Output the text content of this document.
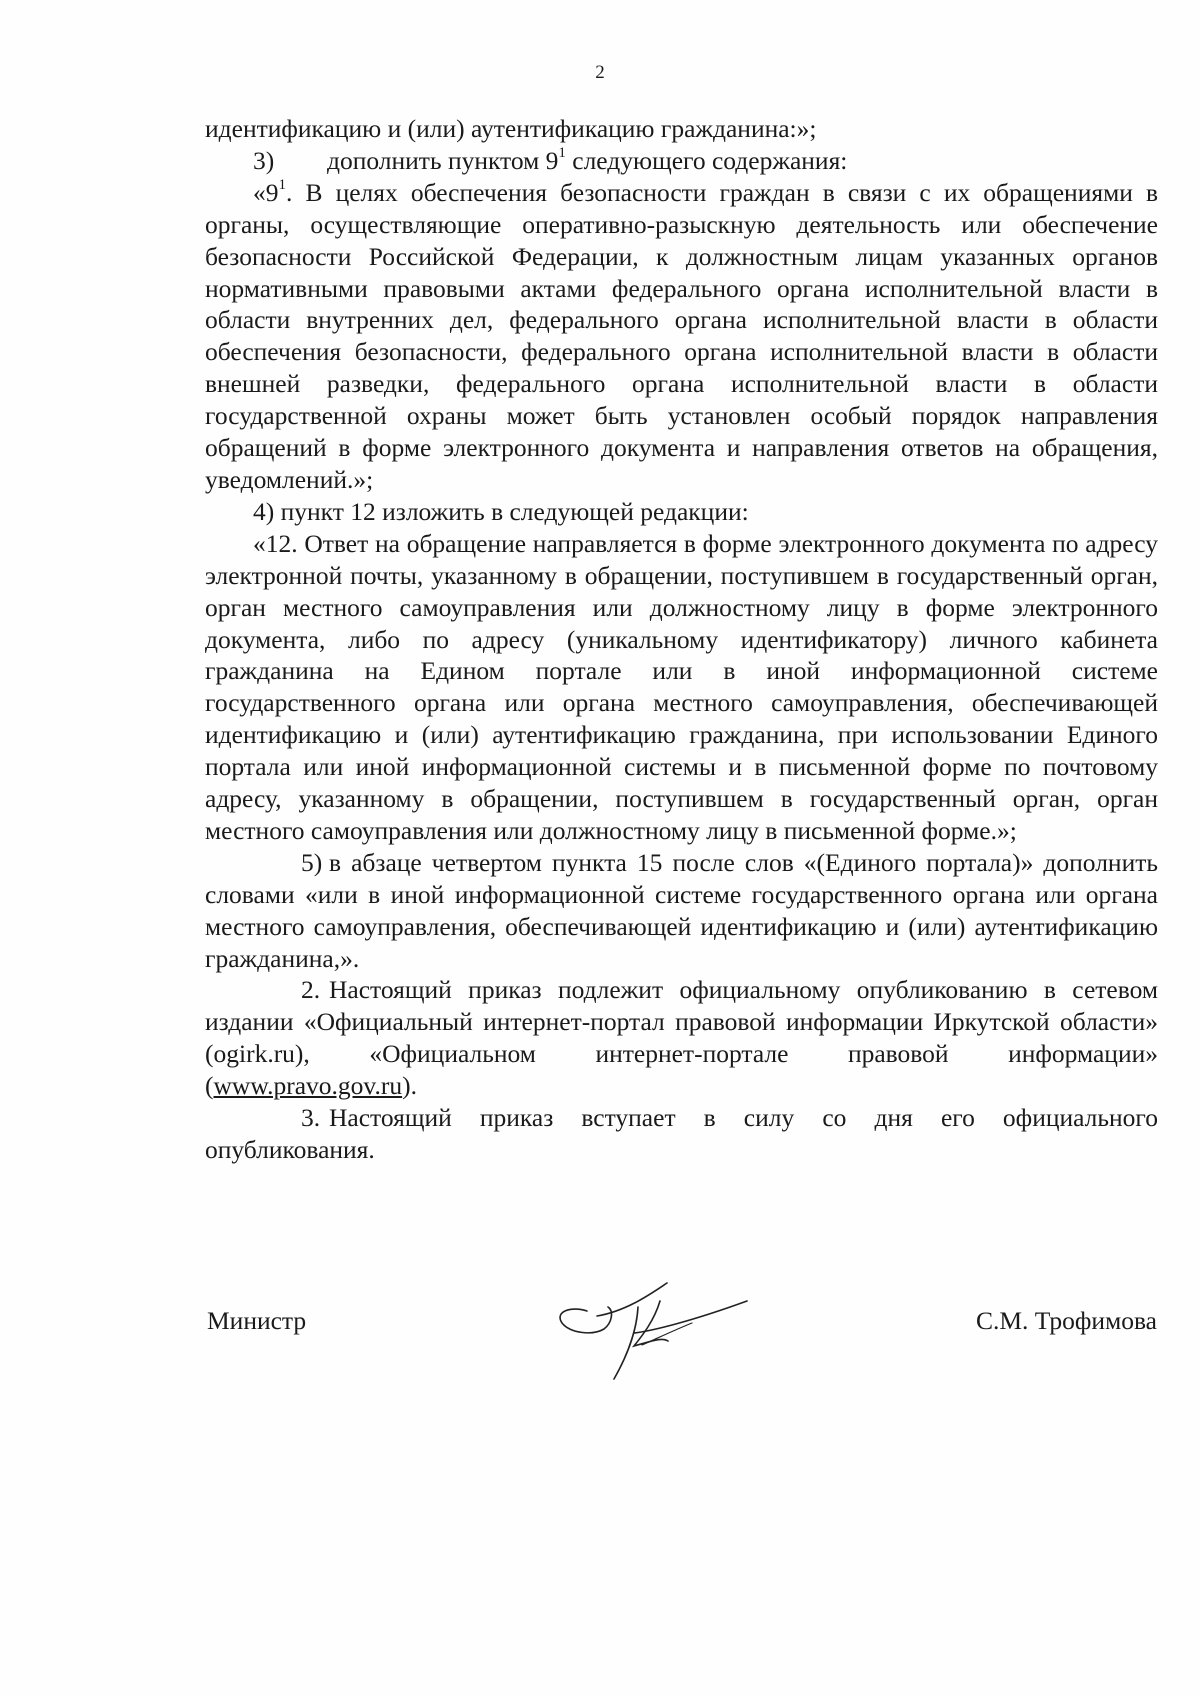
2

идентификацию и (или) аутентификацию гражданина:»;

3) дополнить пунктом $9^1$ следующего содержания:

«$9^1$. В целях обеспечения безопасности граждан в связи с их обращениями в органы, осуществляющие оперативно-разыскную деятельность или обеспечение безопасности Российской Федерации, к должностным лицам указанных органов нормативными правовыми актами федерального органа исполнительной власти в области внутренних дел, федерального органа исполнительной власти в области обеспечения безопасности, федерального органа исполнительной власти в области внешней разведки, федерального органа исполнительной власти в области государственной охраны может быть установлен особый порядок направления обращений в форме электронного документа и направления ответов на обращения, уведомлений.»;

4) пункт 12 изложить в следующей редакции:

«12. Ответ на обращение направляется в форме электронного документа по адресу электронной почты, указанному в обращении, поступившем в государственный орган, орган местного самоуправления или должностному лицу в форме электронного документа, либо по адресу (уникальному идентификатору) личного кабинета гражданина на Едином портале или в иной информационной системе государственного органа или органа местного самоуправления, обеспечивающей идентификацию и (или) аутентификацию гражданина, при использовании Единого портала или иной информационной системы и в письменной форме по почтовому адресу, указанному в обращении, поступившем в государственный орган, орган местного самоуправления или должностному лицу в письменной форме.»;

5) в абзаце четвертом пункта 15 после слов «(Единого портала)» дополнить словами «или в иной информационной системе государственного органа или органа местного самоуправления, обеспечивающей идентификацию и (или) аутентификацию гражданина,».

2. Настоящий приказ подлежит официальному опубликованию в сетевом издании «Официальный интернет-портал правовой информации Иркутской области» (ogirk.ru), «Официальном интернет-портале правовой информации» (www.pravo.gov.ru).

3. Настоящий приказ вступает в силу со дня его официального опубликования.

Министр	С.М. Трофимова
